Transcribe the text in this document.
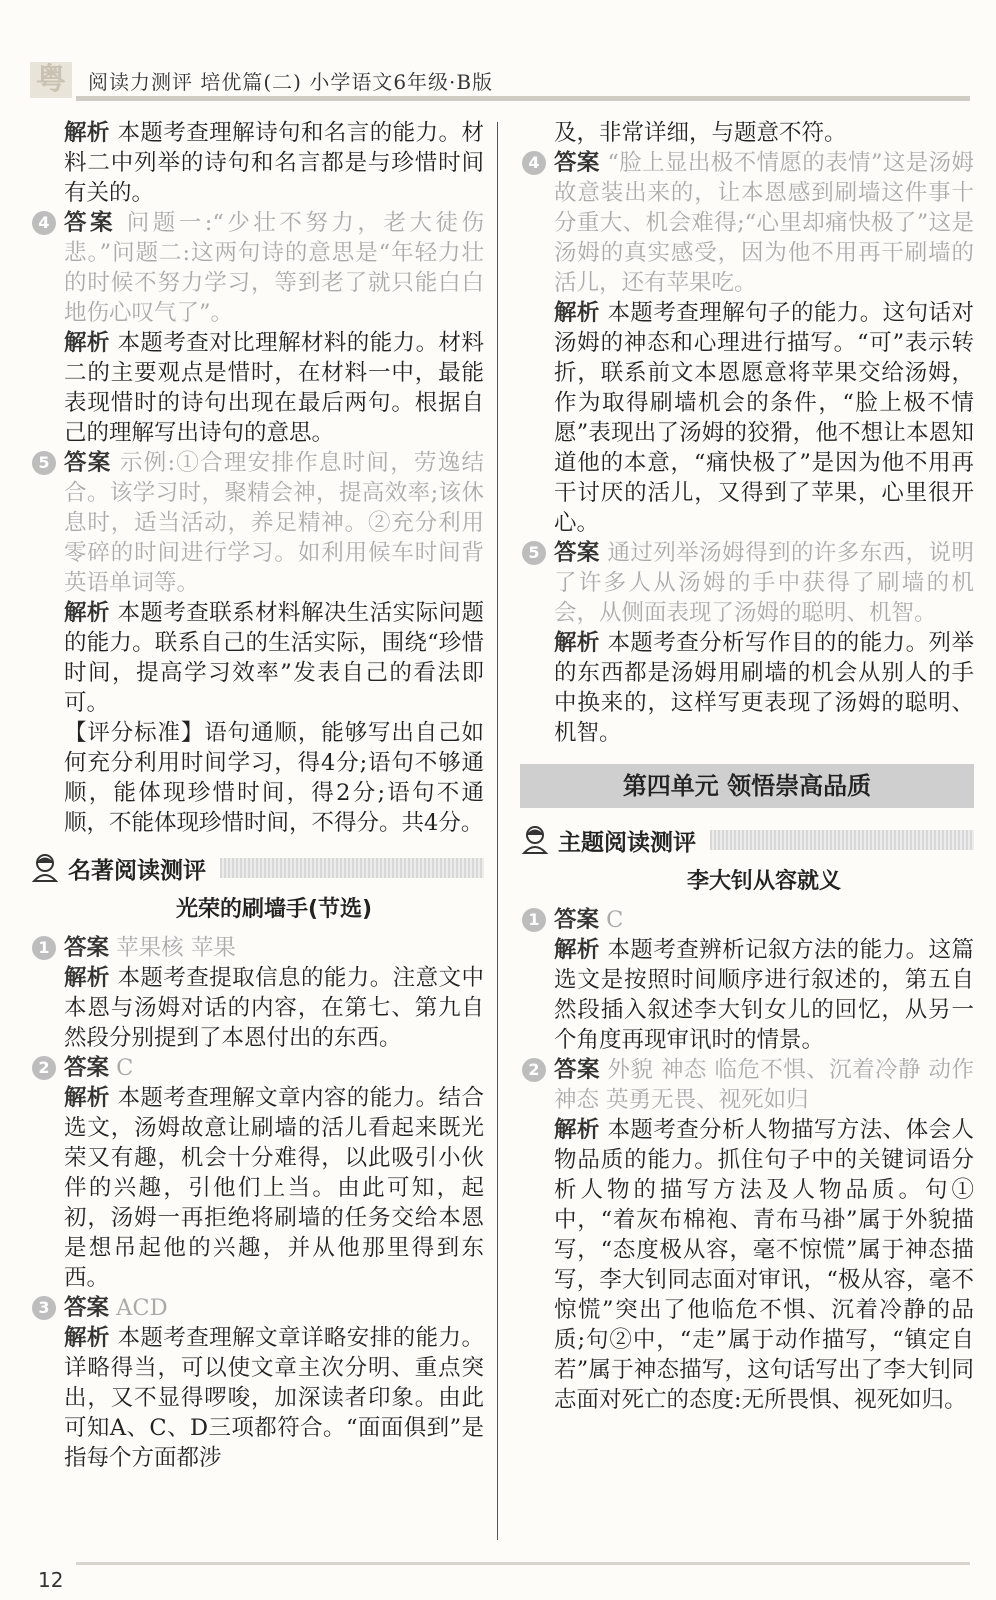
粤	阅读力测评 培优篇(二) 小学语文6年级·B版

解析 本题考查理解诗句和名言的能力。材料二中列举的诗句和名言都是与珍惜时间有关的。

4 答案 问题一:“少壮不努力，老大徒伤悲。”问题二:这两句诗的意思是“年轻力壮的时候不努力学习，等到老了就只能白白地伤心叹气了”。

解析 本题考查对比理解材料的能力。材料二的主要观点是惜时，在材料一中，最能表现惜时的诗句出现在最后两句。根据自己的理解写出诗句的意思。

5 答案 示例:①合理安排作息时间，劳逸结合。该学习时，聚精会神，提高效率;该休息时，适当活动，养足精神。②充分利用零碎的时间进行学习。如利用候车时间背英语单词等。

解析 本题考查联系材料解决生活实际问题的能力。联系自己的生活实际，围绕“珍惜时间，提高学习效率”发表自己的看法即可。

【评分标准】语句通顺，能够写出自己如何充分利用时间学习，得4分;语句不够通顺，能体现珍惜时间，得2分;语句不通顺，不能体现珍惜时间，不得分。共4分。

名著阅读测评
光荣的刷墙手(节选)
1 答案 苹果核 苹果

解析 本题考查提取信息的能力。注意文中本恩与汤姆对话的内容，在第七、第九自然段分别提到了本恩付出的东西。

2 答案 C

解析 本题考查理解文章内容的能力。结合选文，汤姆故意让刷墙的活儿看起来既光荣又有趣，机会十分难得，以此吸引小伙伴的兴趣，引他们上当。由此可知，起初，汤姆一再拒绝将刷墙的任务交给本恩是想吊起他的兴趣，并从他那里得到东西。

3 答案 ACD

解析 本题考查理解文章详略安排的能力。详略得当，可以使文章主次分明、重点突出，又不显得啰唆，加深读者印象。由此可知A、C、D三项都符合。“面面俱到”是指每个方面都涉

及，非常详细，与题意不符。

4 答案 “脸上显出极不情愿的表情”这是汤姆故意装出来的，让本恩感到刷墙这件事十分重大、机会难得;“心里却痛快极了”这是汤姆的真实感受，因为他不用再干刷墙的活儿，还有苹果吃。

解析 本题考查理解句子的能力。这句话对汤姆的神态和心理进行描写。“可”表示转折，联系前文本恩愿意将苹果交给汤姆，作为取得刷墙机会的条件，“脸上极不情愿”表现出了汤姆的狡猾，他不想让本恩知道他的本意，“痛快极了”是因为他不用再干讨厌的活儿，又得到了苹果，心里很开心。

5 答案 通过列举汤姆得到的许多东西，说明了许多人从汤姆的手中获得了刷墙的机会，从侧面表现了汤姆的聪明、机智。

解析 本题考查分析写作目的的能力。列举的东西都是汤姆用刷墙的机会从别人的手中换来的，这样写更表现了汤姆的聪明、机智。

第四单元 领悟崇高品质
主题阅读测评
李大钊从容就义
1 答案 C

解析 本题考查辨析记叙方法的能力。这篇选文是按照时间顺序进行叙述的，第五自然段插入叙述李大钊女儿的回忆，从另一个角度再现审讯时的情景。

2 答案 外貌 神态 临危不惧、沉着冷静 动作 神态 英勇无畏、视死如归

解析 本题考查分析人物描写方法、体会人物品质的能力。抓住句子中的关键词语分析人物的描写方法及人物品质。句①中，“着灰布棉袍、青布马褂”属于外貌描写，“态度极从容，毫不惊慌”属于神态描写，李大钊同志面对审讯，“极从容，毫不惊慌”突出了他临危不惧、沉着冷静的品质;句②中，“走”属于动作描写，“镇定自若”属于神态描写，这句话写出了李大钊同志面对死亡的态度:无所畏惧、视死如归。

12
